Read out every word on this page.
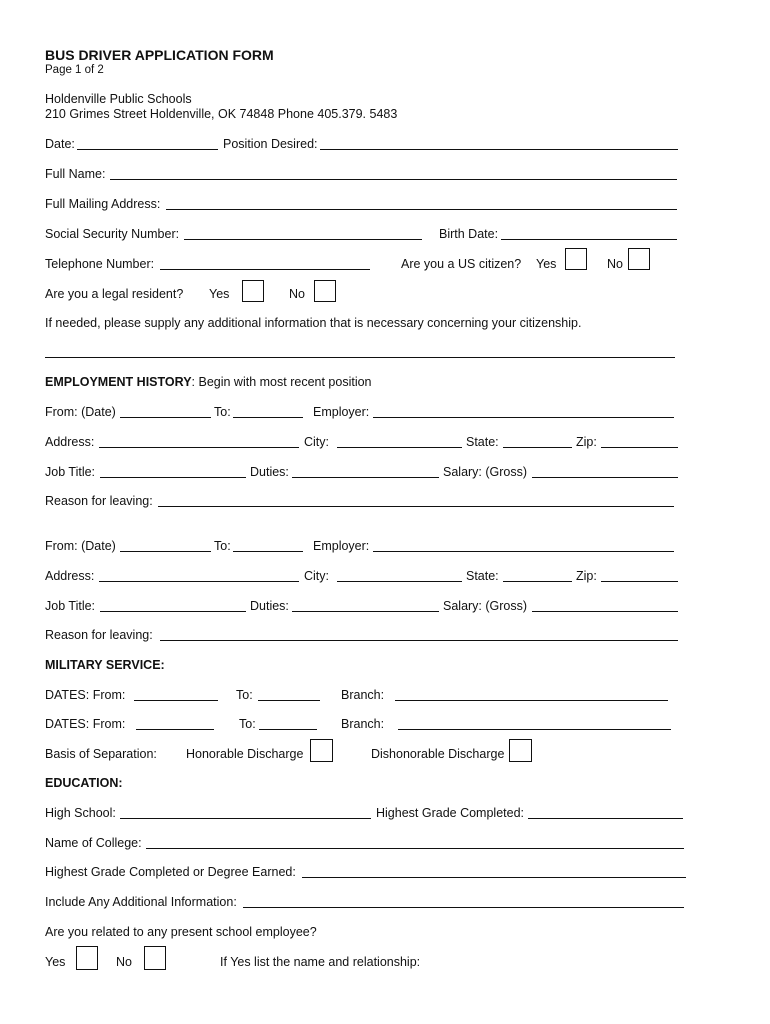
BUS DRIVER APPLICATION FORM
Page 1 of 2
Holdenville Public Schools
210 Grimes Street Holdenville, OK 74848 Phone 405.379. 5483
Date:	Position Desired:
Full Name:
Full Mailing Address:
Social Security Number:	Birth Date:
Telephone Number:	Are you a US citizen? Yes	No
Are you a legal resident? Yes	No
If needed, please supply any additional information that is necessary concerning your citizenship.
EMPLOYMENT HISTORY: Begin with most recent position
From: (Date)	To:	Employer:
Address:	City:	State:	Zip:
Job Title:	Duties:	Salary: (Gross)
Reason for leaving:
From: (Date)	To:	Employer:
Address:	City:	State:	Zip:
Job Title:	Duties:	Salary: (Gross)
Reason for leaving:
MILITARY SERVICE:
DATES: From:	To:	Branch:
DATES: From:	To:	Branch:
Basis of Separation: Honorable Discharge	Dishonorable Discharge
EDUCATION:
High School:	Highest Grade Completed:
Name of College:
Highest Grade Completed or Degree Earned:
Include Any Additional Information:
Are you related to any present school employee?
Yes	No	If Yes list the name and relationship:
